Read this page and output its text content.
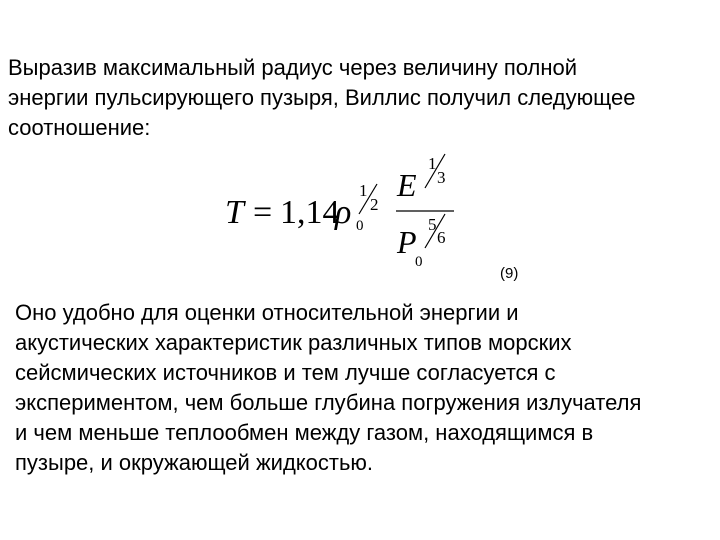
Выразив максимальный радиус через величину полной
энергии пульсирующего пузыря, Виллис получил следующее
соотношение:
T = 1,14
ρ 0
1
2
E
1
3
P
0
5
6
(9)
Оно удобно для оценки относительной энергии и
акустических характеристик различных типов морских
сейсмических источников и тем лучше согласуется с
экспериментом, чем больше глубина погружения излучателя
и чем меньше теплообмен между газом, находящимся в
пузыре, и окружающей жидкостью.
